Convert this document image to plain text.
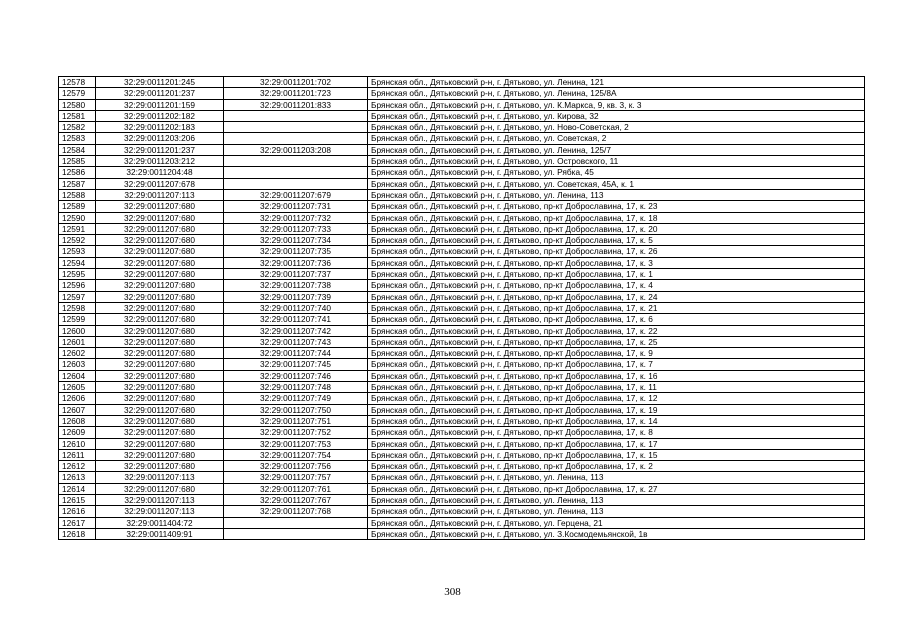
12578	32:29:0011201:245	32:29:0011201:702	Брянская обл., Дятьковский р-н, г. Дятьково, ул. Ленина, 121
12579	32:29:0011201:237	32:29:0011201:723	Брянская обл., Дятьковский р-н, г. Дятьково, ул. Ленина, 125/8А
12580	32:29:0011201:159	32:29:0011201:833	Брянская обл., Дятьковский р-н, г. Дятьково, ул. К.Маркса, 9, кв. 3, к. 3
12581	32:29:0011202:182		Брянская обл., Дятьковский р-н, г. Дятьково, ул. Кирова, 32
12582	32:29:0011202:183		Брянская обл., Дятьковский р-н, г. Дятьково, ул. Ново-Советская, 2
12583	32:29:0011203:206		Брянская обл., Дятьковский р-н, г. Дятьково, ул. Советская, 2
12584	32:29:0011201:237	32:29:0011203:208	Брянская обл., Дятьковский р-н, г. Дятьково, ул. Ленина, 125/7
12585	32:29:0011203:212		Брянская обл., Дятьковский р-н, г. Дятьково, ул. Островского, 11
12586	32:29:0011204:48		Брянская обл., Дятьковский р-н, г. Дятьково, ул. Рябка, 45
12587	32:29:0011207:678		Брянская обл., Дятьковский р-н, г. Дятьково, ул. Советская, 45А, к. 1
12588	32:29:0011207:113	32:29:0011207:679	Брянская обл., Дятьковский р-н, г. Дятьково, ул. Ленина, 113
12589	32:29:0011207:680	32:29:0011207:731	Брянская обл., Дятьковский р-н, г. Дятьково, пр-кт Доброславина, 17, к. 23
12590	32:29:0011207:680	32:29:0011207:732	Брянская обл., Дятьковский р-н, г. Дятьково, пр-кт Доброславина, 17, к. 18
12591	32:29:0011207:680	32:29:0011207:733	Брянская обл., Дятьковский р-н, г. Дятьково, пр-кт Доброславина, 17, к. 20
12592	32:29:0011207:680	32:29:0011207:734	Брянская обл., Дятьковский р-н, г. Дятьково, пр-кт Доброславина, 17, к. 5
12593	32:29:0011207:680	32:29:0011207:735	Брянская обл., Дятьковский р-н, г. Дятьково, пр-кт Доброславина, 17, к. 26
12594	32:29:0011207:680	32:29:0011207:736	Брянская обл., Дятьковский р-н, г. Дятьково, пр-кт Доброславина, 17, к. 3
12595	32:29:0011207:680	32:29:0011207:737	Брянская обл., Дятьковский р-н, г. Дятьково, пр-кт Доброславина, 17, к. 1
12596	32:29:0011207:680	32:29:0011207:738	Брянская обл., Дятьковский р-н, г. Дятьково, пр-кт Доброславина, 17, к. 4
12597	32:29:0011207:680	32:29:0011207:739	Брянская обл., Дятьковский р-н, г. Дятьково, пр-кт Доброславина, 17, к. 24
12598	32:29:0011207:680	32:29:0011207:740	Брянская обл., Дятьковский р-н, г. Дятьково, пр-кт Доброславина, 17, к. 21
12599	32:29:0011207:680	32:29:0011207:741	Брянская обл., Дятьковский р-н, г. Дятьково, пр-кт Доброславина, 17, к. 6
12600	32:29:0011207:680	32:29:0011207:742	Брянская обл., Дятьковский р-н, г. Дятьково, пр-кт Доброславина, 17, к. 22
12601	32:29:0011207:680	32:29:0011207:743	Брянская обл., Дятьковский р-н, г. Дятьково, пр-кт Доброславина, 17, к. 25
12602	32:29:0011207:680	32:29:0011207:744	Брянская обл., Дятьковский р-н, г. Дятьково, пр-кт Доброславина, 17, к. 9
12603	32:29:0011207:680	32:29:0011207:745	Брянская обл., Дятьковский р-н, г. Дятьково, пр-кт Доброславина, 17, к. 7
12604	32:29:0011207:680	32:29:0011207:746	Брянская обл., Дятьковский р-н, г. Дятьково, пр-кт Доброславина, 17, к. 16
12605	32:29:0011207:680	32:29:0011207:748	Брянская обл., Дятьковский р-н, г. Дятьково, пр-кт Доброславина, 17, к. 11
12606	32:29:0011207:680	32:29:0011207:749	Брянская обл., Дятьковский р-н, г. Дятьково, пр-кт Доброславина, 17, к. 12
12607	32:29:0011207:680	32:29:0011207:750	Брянская обл., Дятьковский р-н, г. Дятьково, пр-кт Доброславина, 17, к. 19
12608	32:29:0011207:680	32:29:0011207:751	Брянская обл., Дятьковский р-н, г. Дятьково, пр-кт Доброславина, 17, к. 14
12609	32:29:0011207:680	32:29:0011207:752	Брянская обл., Дятьковский р-н, г. Дятьково, пр-кт Доброславина, 17, к. 8
12610	32:29:0011207:680	32:29:0011207:753	Брянская обл., Дятьковский р-н, г. Дятьково, пр-кт Доброславина, 17, к. 17
12611	32:29:0011207:680	32:29:0011207:754	Брянская обл., Дятьковский р-н, г. Дятьково, пр-кт Доброславина, 17, к. 15
12612	32:29:0011207:680	32:29:0011207:756	Брянская обл., Дятьковский р-н, г. Дятьково, пр-кт Доброславина, 17, к. 2
12613	32:29:0011207:113	32:29:0011207:757	Брянская обл., Дятьковский р-н, г. Дятьково, ул. Ленина, 113
12614	32:29:0011207:680	32:29:0011207:761	Брянская обл., Дятьковский р-н, г. Дятьково, пр-кт Доброславина, 17, к. 27
12615	32:29:0011207:113	32:29:0011207:767	Брянская обл., Дятьковский р-н, г. Дятьково, ул. Ленина, 113
12616	32:29:0011207:113	32:29:0011207:768	Брянская обл., Дятьковский р-н, г. Дятьково, ул. Ленина, 113
12617	32:29:0011404:72		Брянская обл., Дятьковский р-н, г. Дятьково, ул. Герцена, 21
12618	32:29:0011409:91		Брянская обл., Дятьковский р-н, г. Дятьково, ул. З.Космодемьянской, 1в
308
